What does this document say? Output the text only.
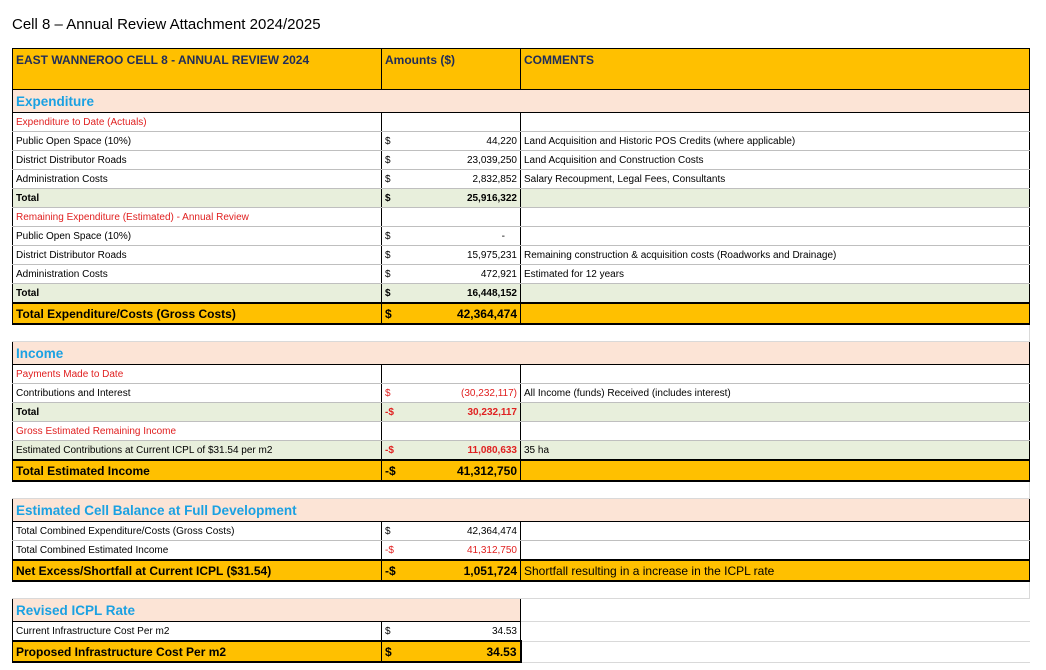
Cell 8 – Annual Review Attachment 2024/2025
EAST WANNEROO CELL 8 - ANNUAL REVIEW 2024	Amounts ($)	COMMENTS
Expenditure		
Expenditure to Date (Actuals)		
Public Open Space (10%)	$ 44,220	Land Acquisition and Historic POS Credits (where applicable)
District Distributor Roads	$ 23,039,250	Land Acquisition and Construction Costs
Administration Costs	$ 2,832,852	Salary Recoupment, Legal Fees, Consultants
Total	$ 25,916,322	

Remaining Expenditure (Estimated) - Annual Review		
Public Open Space (10%)	$ -	

District Distributor Roads	$ 15,975,231	Remaining construction & acquisition costs (Roadworks and Drainage)
Administration Costs	$ 472,921	Estimated for 12 years
Total	$ 16,448,152	

Total Expenditure/Costs (Gross Costs)	$ 42,364,474	

Income		
Payments Made to Date		
Contributions and Interest	$ (30,232,117)	All Income (funds) Received (includes interest)
Total	-$ 30,232,117	

Gross Estimated Remaining Income		
Estimated Contributions at Current ICPL of $31.54 per m2	-$ 11,080,633	35 ha
Total Estimated Income	-$ 41,312,750	

Estimated Cell Balance at Full Development		
Total Combined Expenditure/Costs (Gross Costs)	$ 42,364,474	

Total Combined Estimated Income	-$ 41,312,750	

Net Excess/Shortfall at Current ICPL ($31.54)	-$ 1,051,724	Shortfall resulting in a increase in the ICPL rate

Revised ICPL Rate		
Current Infrastructure Cost Per m2	$ 34.53	

Proposed Infrastructure Cost Per m2	$ 34.53	
